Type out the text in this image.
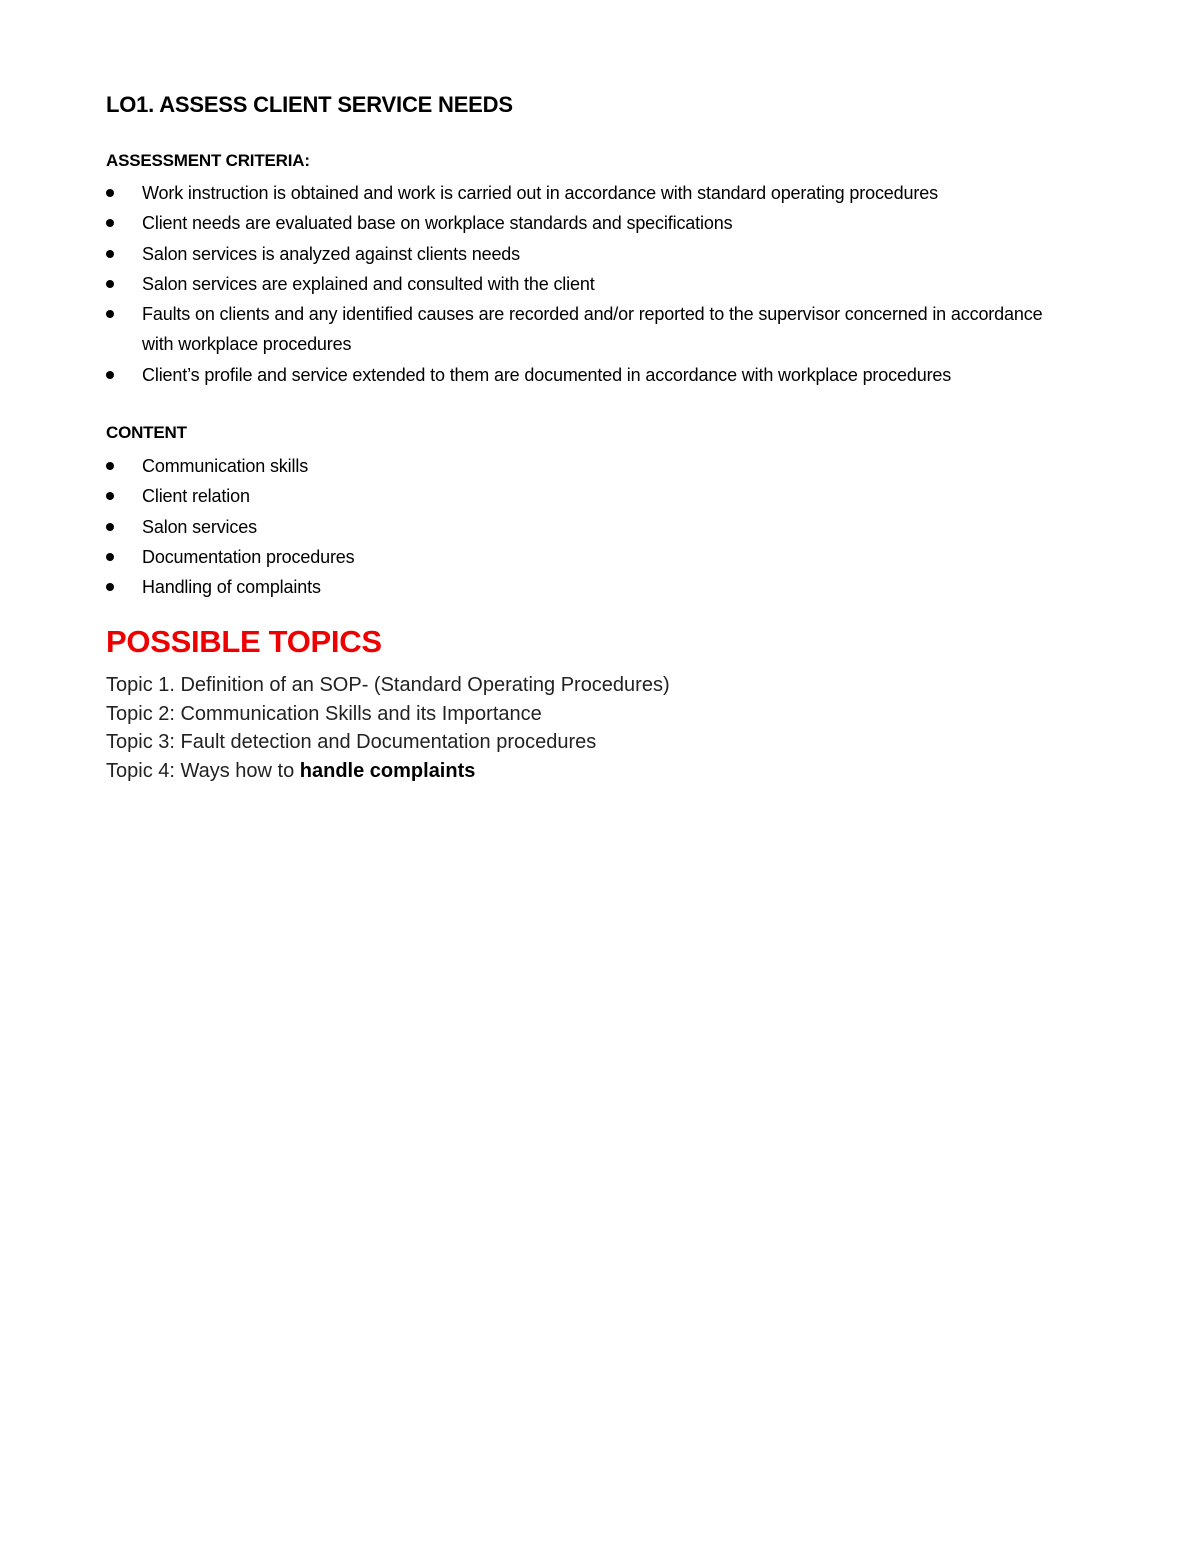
LO1. ASSESS CLIENT SERVICE NEEDS
ASSESSMENT CRITERIA:
Work instruction is obtained and work is carried out in accordance with standard operating procedures
Client needs are evaluated base on workplace standards and specifications
Salon services is analyzed against clients needs
Salon services are explained and consulted with the client
Faults on clients and any identified causes are recorded and/or reported to the supervisor concerned in accordance with workplace procedures
Client’s profile and service extended to them are documented in accordance with workplace procedures
CONTENT
Communication skills
Client relation
Salon services
Documentation procedures
Handling of complaints
POSSIBLE TOPICS
Topic 1. Definition of an SOP- (Standard Operating Procedures)
Topic 2: Communication Skills and its Importance
Topic 3: Fault detection and Documentation procedures
Topic 4: Ways how to handle complaints
